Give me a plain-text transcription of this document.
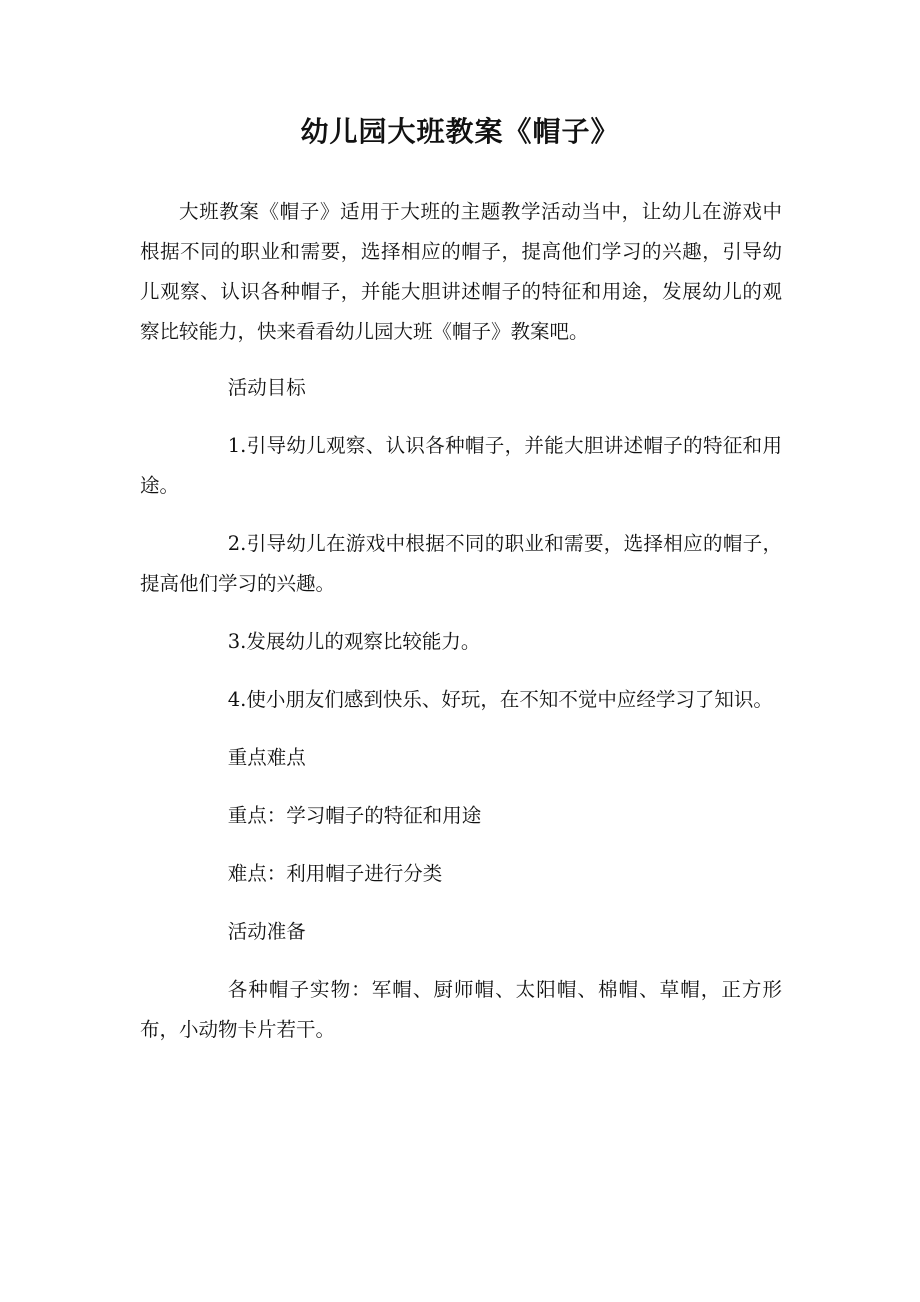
幼儿园大班教案《帽子》

大班教案《帽子》适用于大班的主题教学活动当中，让幼儿在游戏中根据不同的职业和需要，选择相应的帽子，提高他们学习的兴趣，引导幼儿观察、认识各种帽子，并能大胆讲述帽子的特征和用途，发展幼儿的观察比较能力，快来看看幼儿园大班《帽子》教案吧。

活动目标

1.引导幼儿观察、认识各种帽子，并能大胆讲述帽子的特征和用途。

2.引导幼儿在游戏中根据不同的职业和需要，选择相应的帽子，提高他们学习的兴趣。

3.发展幼儿的观察比较能力。

4.使小朋友们感到快乐、好玩，在不知不觉中应经学习了知识。

重点难点

重点：学习帽子的特征和用途

难点：利用帽子进行分类

活动准备

各种帽子实物：军帽、厨师帽、太阳帽、棉帽、草帽，正方形布，小动物卡片若干。
